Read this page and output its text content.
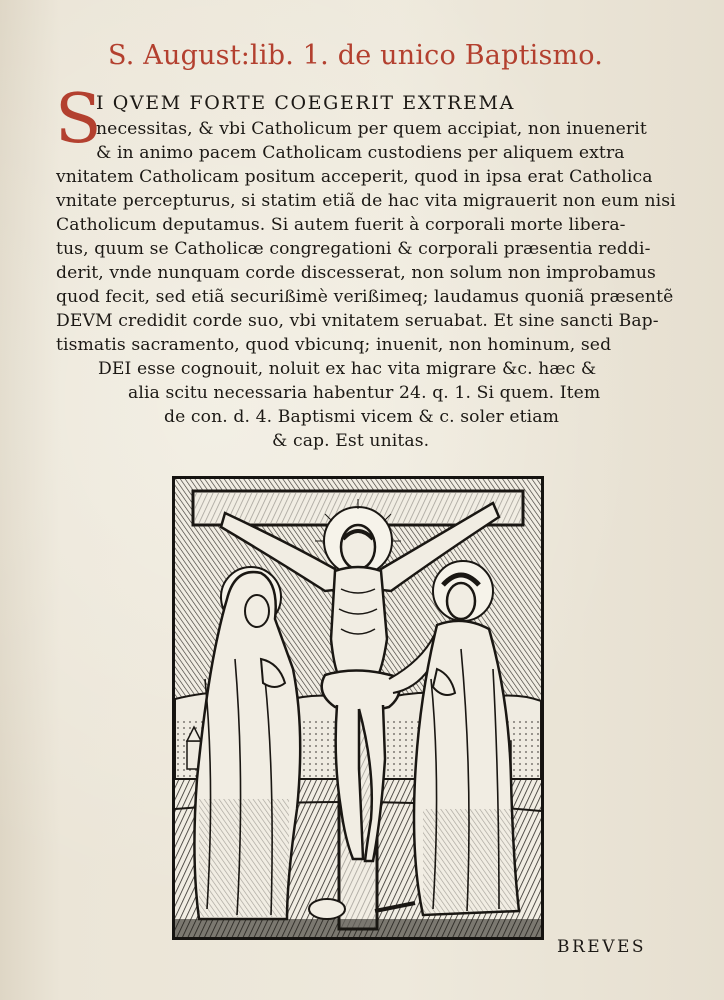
S. August:lib. 1. de unico Baptismo.
S
I QVEM FORTE COEGERIT EXTREMA
necessitas, & vbi Catholicum per quem accipiat, non inuenerit
& in animo pacem Catholicam custodiens per aliquem extra
vnitatem Catholicam positum acceperit, quod in ipsa erat Catholica
vnitate percepturus, si statim etiã de hac vita migrauerit non eum nisi
Catholicum deputamus. Si autem fuerit à corporali morte libera-
tus, quum se Catholicæ congregationi & corporali præsentia reddi-
derit, vnde nunquam corde discesserat, non solum non improbamus
quod fecit, sed etiã securißimè verißimeq; laudamus quoniã præsentẽ
DEVM credidit corde suo, vbi vnitatem seruabat. Et sine sancti Bap-
tismatis sacramento, quod vbicunq; inuenit, non hominum, sed
DEI esse cognouit, noluit ex hac vita migrare &c. hæc &
alia scitu necessaria habentur 24. q. 1. Si quem. Item
de con. d. 4. Baptismi vicem & c. soler etiam
& cap. Est unitas.
BREVES
